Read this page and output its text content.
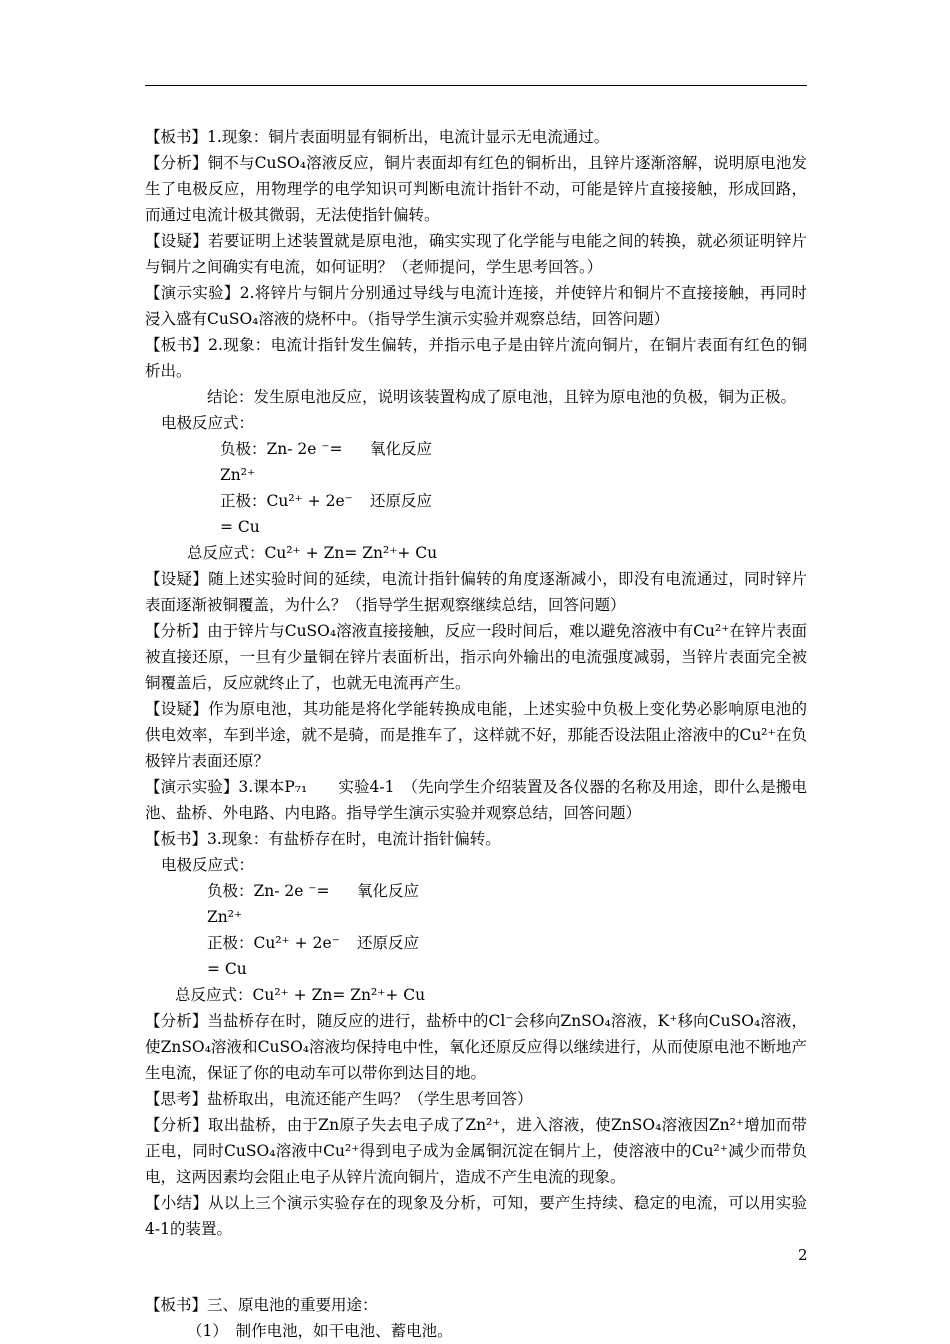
【板书】1.现象：铜片表面明显有铜析出，电流计显示无电流通过。

【分析】铜不与CuSO₄溶液反应，铜片表面却有红色的铜析出，且锌片逐渐溶解，说明原电池发生了电极反应，用物理学的电学知识可判断电流计指针不动，可能是锌片直接接触，形成回路，而通过电流计极其微弱，无法使指针偏转。

【设疑】若要证明上述装置就是原电池，确实实现了化学能与电能之间的转换，就必须证明锌片与铜片之间确实有电流，如何证明？（老师提问，学生思考回答。）

【演示实验】2.将锌片与铜片分别通过导线与电流计连接，并使锌片和铜片不直接接触，再同时浸入盛有CuSO₄溶液的烧杯中。（指导学生演示实验并观察总结，回答问题）

【板书】2.现象：电流计指针发生偏转，并指示电子是由锌片流向铜片，在铜片表面有红色的铜析出。

结论：发生原电池反应，说明该装置构成了原电池，且锌为原电池的负极，铜为正极。

电极反应式：

负极：Zn- 2e ⁻= Zn²⁺
氧化反应
正极：Cu²⁺ + 2e⁻ = Cu
还原反应

总反应式：Cu²⁺ + Zn= Zn²⁺+ Cu

【设疑】随上述实验时间的延续，电流计指针偏转的角度逐渐减小，即没有电流通过，同时锌片表面逐渐被铜覆盖，为什么？（指导学生据观察继续总结，回答问题）

【分析】由于锌片与CuSO₄溶液直接接触，反应一段时间后，难以避免溶液中有Cu²⁺在锌片表面被直接还原，一旦有少量铜在锌片表面析出，指示向外输出的电流强度减弱，当锌片表面完全被铜覆盖后，反应就终止了，也就无电流再产生。

【设疑】作为原电池，其功能是将化学能转换成电能，上述实验中负极上变化势必影响原电池的供电效率，车到半途，就不是骑，而是推车了，这样就不好，那能否设法阻止溶液中的Cu²⁺在负极锌片表面还原？

【演示实验】3.课本P₇₁　　实验4-1　（先向学生介绍装置及各仪器的名称及用途，即什么是搬电池、盐桥、外电路、内电路。指导学生演示实验并观察总结，回答问题）

【板书】3.现象：有盐桥存在时，电流计指针偏转。

电极反应式：

负极：Zn- 2e ⁻= Zn²⁺
氧化反应
正极：Cu²⁺ + 2e⁻ = Cu
还原反应

总反应式：Cu²⁺ + Zn= Zn²⁺+ Cu

【分析】当盐桥存在时，随反应的进行，盐桥中的Cl⁻会移向ZnSO₄溶液，K⁺移向CuSO₄溶液，使ZnSO₄溶液和CuSO₄溶液均保持电中性，氧化还原反应得以继续进行，从而使原电池不断地产生电流，保证了你的电动车可以带你到达目的地。

【思考】盐桥取出，电流还能产生吗？（学生思考回答）

【分析】取出盐桥，由于Zn原子失去电子成了Zn²⁺，进入溶液，使ZnSO₄溶液因Zn²⁺增加而带正电，同时CuSO₄溶液中Cu²⁺得到电子成为金属铜沉淀在铜片上，使溶液中的Cu²⁺减少而带负电，这两因素均会阻止电子从锌片流向铜片，造成不产生电流的现象。

【小结】从以上三个演示实验存在的现象及分析，可知，要产生持续、稳定的电流，可以用实验4-1的装置。

【板书】三、原电池的重要用途：

（1）　制作电池，如干电池、蓄电池。

2
